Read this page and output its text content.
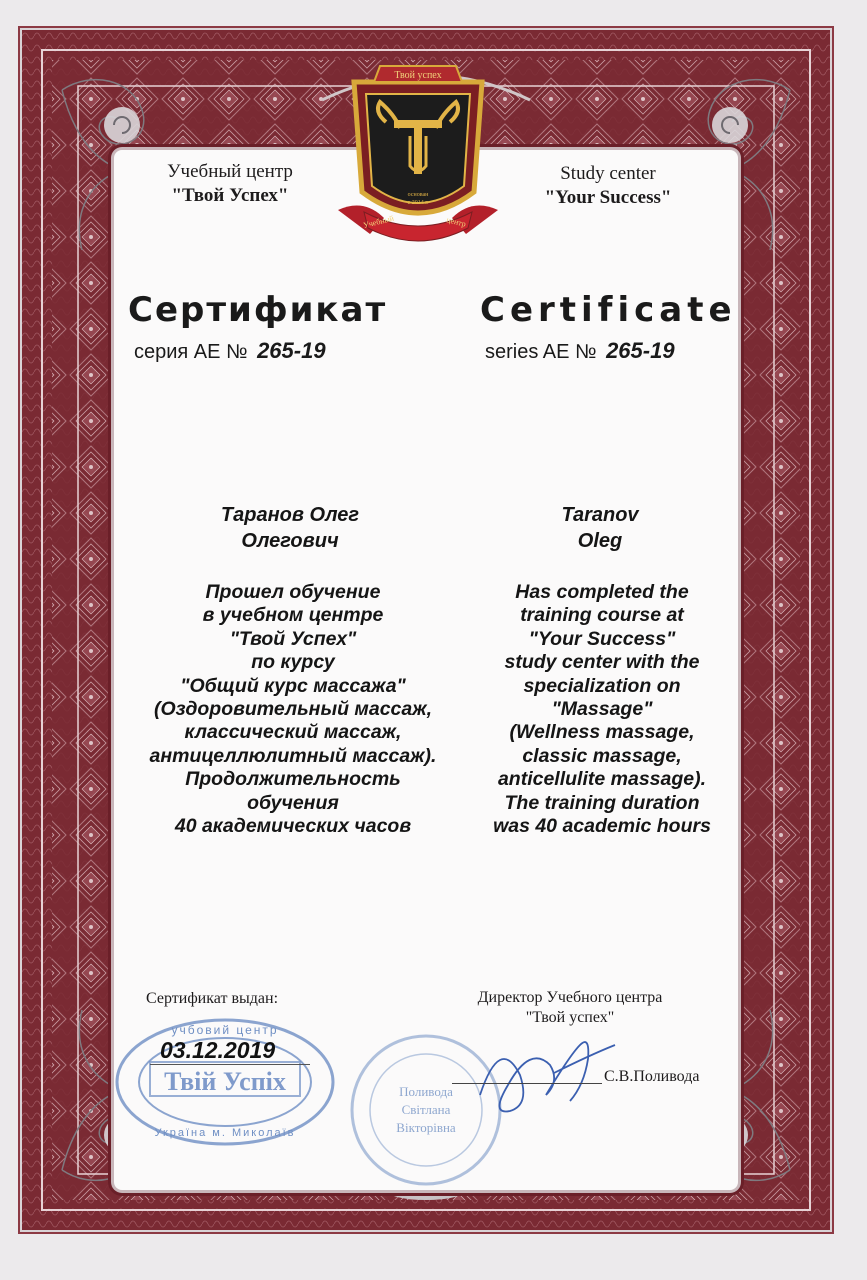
Твой успех
основан
в 2014 г.
Учебный	центр
Учебный центр
"Твой Успех"
Study center
"Your Success"
Сертификат
серия АЕ № 265-19
Certificate
series AE № 265-19
Таранов Олег
Олегович
Taranov
Oleg
Прошел обучение
в учебном центре
"Твой Успех"
по курсу
"Общий курс массажа"
(Оздоровительный массаж,
классический массаж,
антицеллюлитный массаж).
Продолжительность
обучения
40 академических часов
Has completed the
training course at
"Your Success"
study center with the
specialization on
"Massage"
(Wellness massage,
classic massage,
anticellulite massage).
The training duration
was 40 academic hours
Сертификат выдан:
учбовий центр
Твій Успіх
Україна м. Миколаїв
03.12.2019
Директор Учебного центра
"Твой успех"
Поливода
Світлана
Вікторівна
С.В.Поливода
